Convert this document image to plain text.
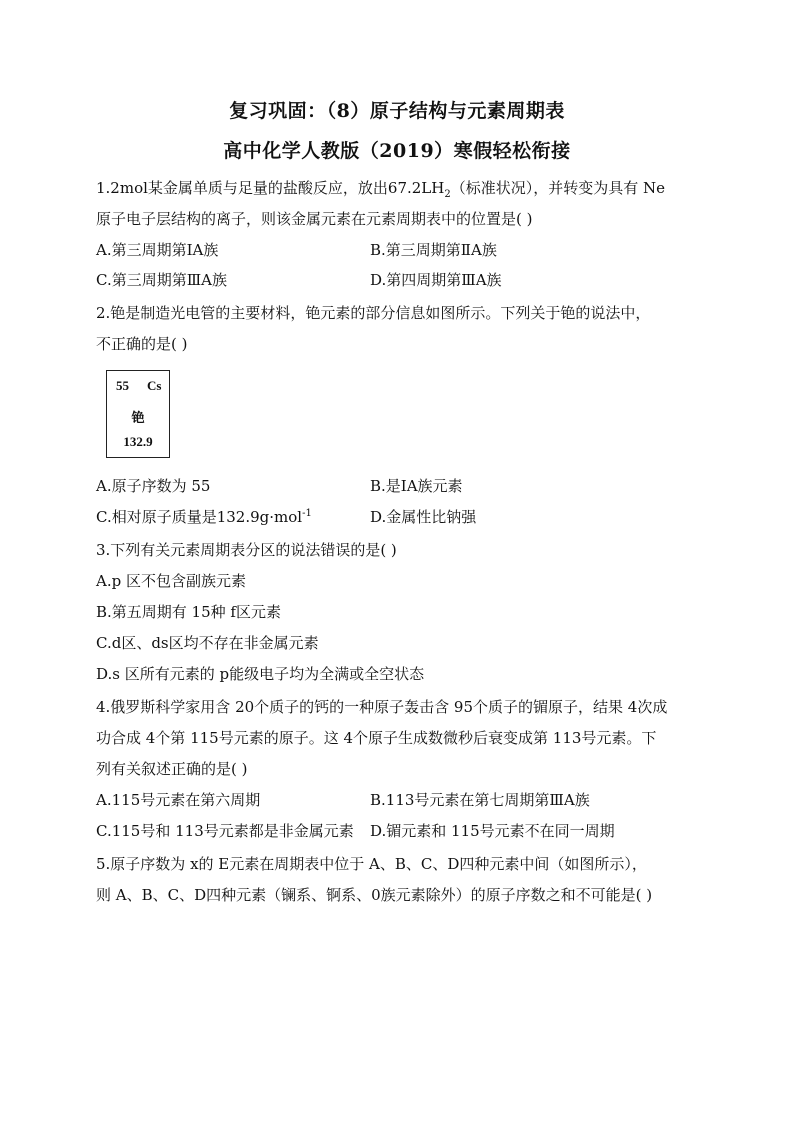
复习巩固：（8）原子结构与元素周期表
高中化学人教版（2019）寒假轻松衔接
1.2mol某金属单质与足量的盐酸反应，放出$67.2LH_2$（标准状况），并转变为具有 Ne
原子电子层结构的离子，则该金属元素在元素周期表中的位置是( )
A.第三周期第ⅠA族	B.第三周期第ⅡA族
C.第三周期第ⅢA族	D.第四周期第ⅢA族
2.铯是制造光电管的主要材料，铯元素的部分信息如图所示。下列关于铯的说法中，
不正确的是( )
55 Cs
铯
132.9
A.原子序数为 55	B.是ⅠA族元素
C.相对原子质量是132.9g·mol$^{-1}$	D.金属性比钠强
3.下列有关元素周期表分区的说法错误的是( )
A.p 区不包含副族元素
B.第五周期有 15种 f区元素
C.d区、ds区均不存在非金属元素
D.s 区所有元素的 p能级电子均为全满或全空状态
4.俄罗斯科学家用含 20个质子的钙的一种原子轰击含 95个质子的镅原子，结果 4次成
功合成 4个第 115号元素的原子。这 4个原子生成数微秒后衰变成第 113号元素。下
列有关叙述正确的是( )
A.115号元素在第六周期	B.113号元素在第七周期第ⅢA族
C.115号和 113号元素都是非金属元素 D.镅元素和 115号元素不在同一周期
5.原子序数为 x的 E元素在周期表中位于 A、B、C、D四种元素中间（如图所示），
则 A、B、C、D四种元素（镧系、锕系、0族元素除外）的原子序数之和不可能是( )
